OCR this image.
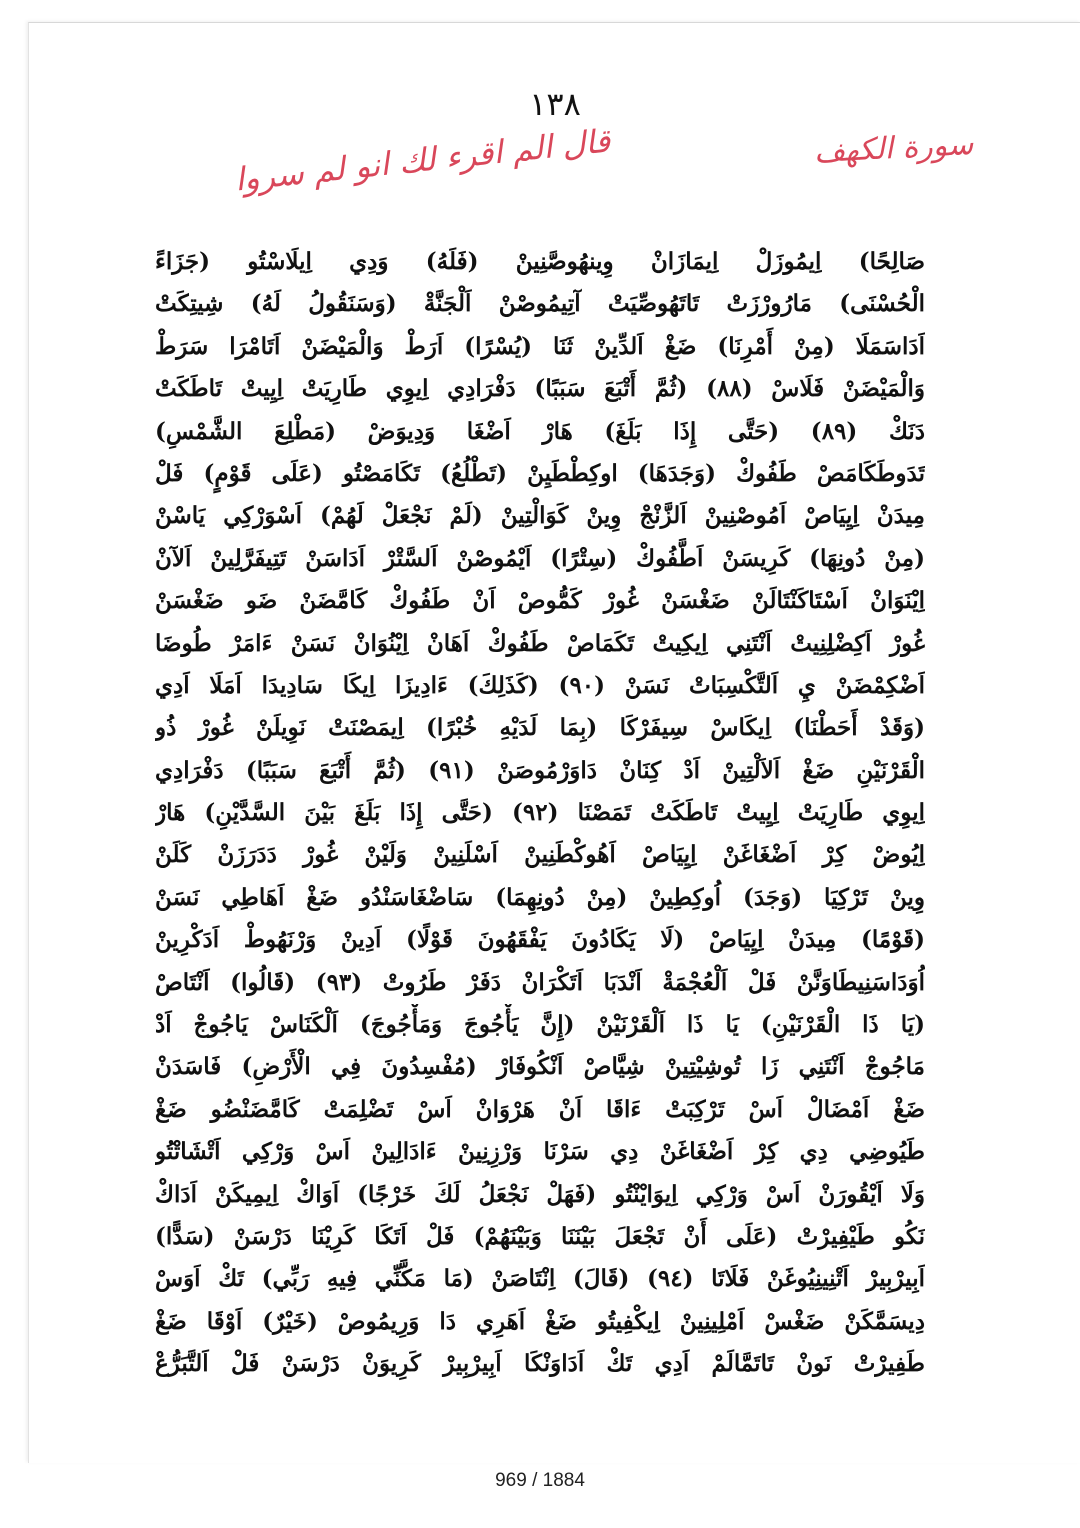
١٣٨
سورة الكهف
قال الم اقرء لك انو لم سروا
صَالِحًا) اِيمُوزَلْ اِيمَازَانْ وِينهُوصَّنِينْ (فَلَهُ) وَدِي اِيلَاسْتُو (جَزَاءً
الْحُسْنَى) مَارُورْزَتْ تَاتَهُوصِّيَتْ آتِيمُوصْنْ اَلْجَنَّةْ (وَسَنَقُولُ لَهُ) شِيتِكَتْ
اَدَاسَمَلَا (مِنْ أَمْرِنَا) ضَغْ اَلدِّينْ ثَنَا (يُسْرًا) اَرَطْ وَالْمَيْضَنْ اَتَامْرَا سَرَطْ
وَالْمَيْضَنْ فَلَاسْ (٨٨) (ثُمَّ أَتْبَعَ سَبَبًا) دَفْرَادِي اِيوِي طَارِيَتْ اِيِيتْ تَاطَكَتْ
دَنَكْ (٨٩) (حَتَّى إِذَا بَلَغَ) هَارْ اَضْغَا وَدِيوَضْ (مَطْلِعَ الشَّمْسِ)
تَدَوطَكَامَصْ طَفُوكْ (وَجَدَهَا) اوكِطْطَيِنْ (تَطْلُعُ) تَكَامَصْتُو (عَلَى قَوْمٍ) فَلْ
مِيدَنْ اِيِيَاصْ اَمُوصْنِينْ اَلزَّنْجْ وِينْ كَوَالْتِينْ (لَمْ نَجْعَلْ لَهُمْ) اَسْوَرْكِي يَاسْنْ
(مِنْ دُونِهَا) كَرِيسَنْ اَطَّفُوكْ (سِتْرًا) اَيْمُوصْنْ اَلسَّتْرْ اَدَاسَنْ تَتِيفَرَّلِينْ اَلآنْ
اِيْنَوَانْ اَسْتَاكَنْتَالَنْ ضَغْسَنْ غُورْ كَمُّوصْ اَنْ طَفُوكْ كَامَّضَنْ ضَو ضَغْسَنْ
غُورْ اَكِضْلِنِيتْ اَنْتَنِي اِيكِيتْ تَكَمَاصْ طَفُوكْ اَهَانْ اِيْنُوَانْ نَسَنْ ءَامَرْ طُوضَا
اَضْكِمْضَنْ يِ اَلتَّكْسِبَاتْ نَسَنْ (٩٠) (كَذَلِكَ) ءَادِيزَا اِيكَا سَادِيدَا اَمَلَا اَدِي
(وَقَدْ أَحَطْنَا) اِيكَاسْ سِيفَرْكَا (بِمَا لَدَيْهِ خُبْرًا) اِيمَصْنَتْ نَوِيلَنْ غُورْ ذُو
الْقَرْنَيْنِ ضَغْ اَلاَلْتِينْ اَدْ كِنَانْ دَاوَرْمُوصَنْ (٩١) (ثُمَّ أَتْبَعَ سَبَبًا) دَفْرَادِي
اِيوِي طَارِيَتْ اِيِيتْ تَاطَكَتْ تَمَصْنَا (٩٢) (حَتَّى إِذَا بَلَغَ بَيْنَ السَّدَّيْنِ) هَارْ
اِيُوضْ كِرْ اَضْغَاغَنْ اِيِيَاصْ اَهُوكْطَنِينْ اَسْلَنِينْ وَلَيْنْ غُورْ دَدَرَزَنْ كَلَنْ
وِينْ تَرْكِيَا (وَجَدَ) اُوكِطِينْ (مِنْ دُونِهِمَا) سَاضْغَاسَنْدُو ضَغْ اَهَاطِي نَسَنْ
(قَوْمًا) مِيدَنْ اِيِيَاصْ (لَا يَكَادُونَ يَفْقَهُونَ قَوْلًا) اَدِينْ وَرْنَهُوطْ اَدَكْرِينْ
اُوَدَاسَنِيطَاوَنَّنْ فَلْ اَلْعُجْمَةْ اَنْدَبَا اَتَكْرَانْ دَفَرْ طَرُوتْ (٩٣) (قَالُوا) اَنْتَاصْ
(يَا ذَا الْقَرْنَيْنِ) يَا ذَا اَلْقَرْنَيْنْ (إِنَّ يَأْجُوجَ وَمَأْجُوجَ) اَلْكَنَاسْ يَاجُوجْ اَدْ
مَاجُوجْ اَنْتَنِي زَا تُوشِيْتِينْ شِيَّاصْ اَنْكُوفَارْ (مُفْسِدُونَ فِي الْأَرْضِ) فَاسَدَنْ
ضَغْ اَمْضَالْ اَسْ تَرْكِبَتْ ءَاقَا اَنْ هَرْوَانْ اَسْ تَضْلِمَتْ كَامَّضَنْضُو ضَغْ
طَيُوضِي دِي كِرْ اَضْغَاغَنْ دِي سَرْنَا وَرْزِنِينْ ءَادَالِينْ اَسْ وَرْكِي اَتْشَاتْتُو
وَلَا اَيْقُورَنْ اَسْ وَرْكِي اِيوَايْنْتُو (فَهَلْ نَجْعَلُ لَكَ خَرْجًا) اَوَاكْ اِيمِيكَنْ اَدَاكْ
نَكُو طَيْفِيرْتْ (عَلَى أَنْ تَجْعَلَ بَيْنَنَا وَبَيْنَهُمْ) فَلْ اَتَكَا كَرِيْنَا دَرْسَنْ (سَدًّا)
اَبِيرْبِيرْ اَتْنِينِيُوغَنْ فَلَاتَا (٩٤) (قَالَ) اِنْتَاصَنْ (مَا مَكَّنِّي فِيهِ رَبِّي) تَكْ اَوَسْ
دِيسَمَّكَنْ ضَغْسْ اَمْلِينِينْ اِيكْفِيتُو ضَغْ اَهَرِي دَا وَرِيمُوصْ (خَيْرٌ) اَوْقَا ضَغْ
طَفِيرْتْ نَونْ تَاتَمَّالَمْ اَدِي تَكْ اَدَاوَنْكَا اَبِيرْبِيرْ كَرِيوَنْ دَرْسَنْ فَلْ اَلتَّبَرُّعْ
969 / 1884
